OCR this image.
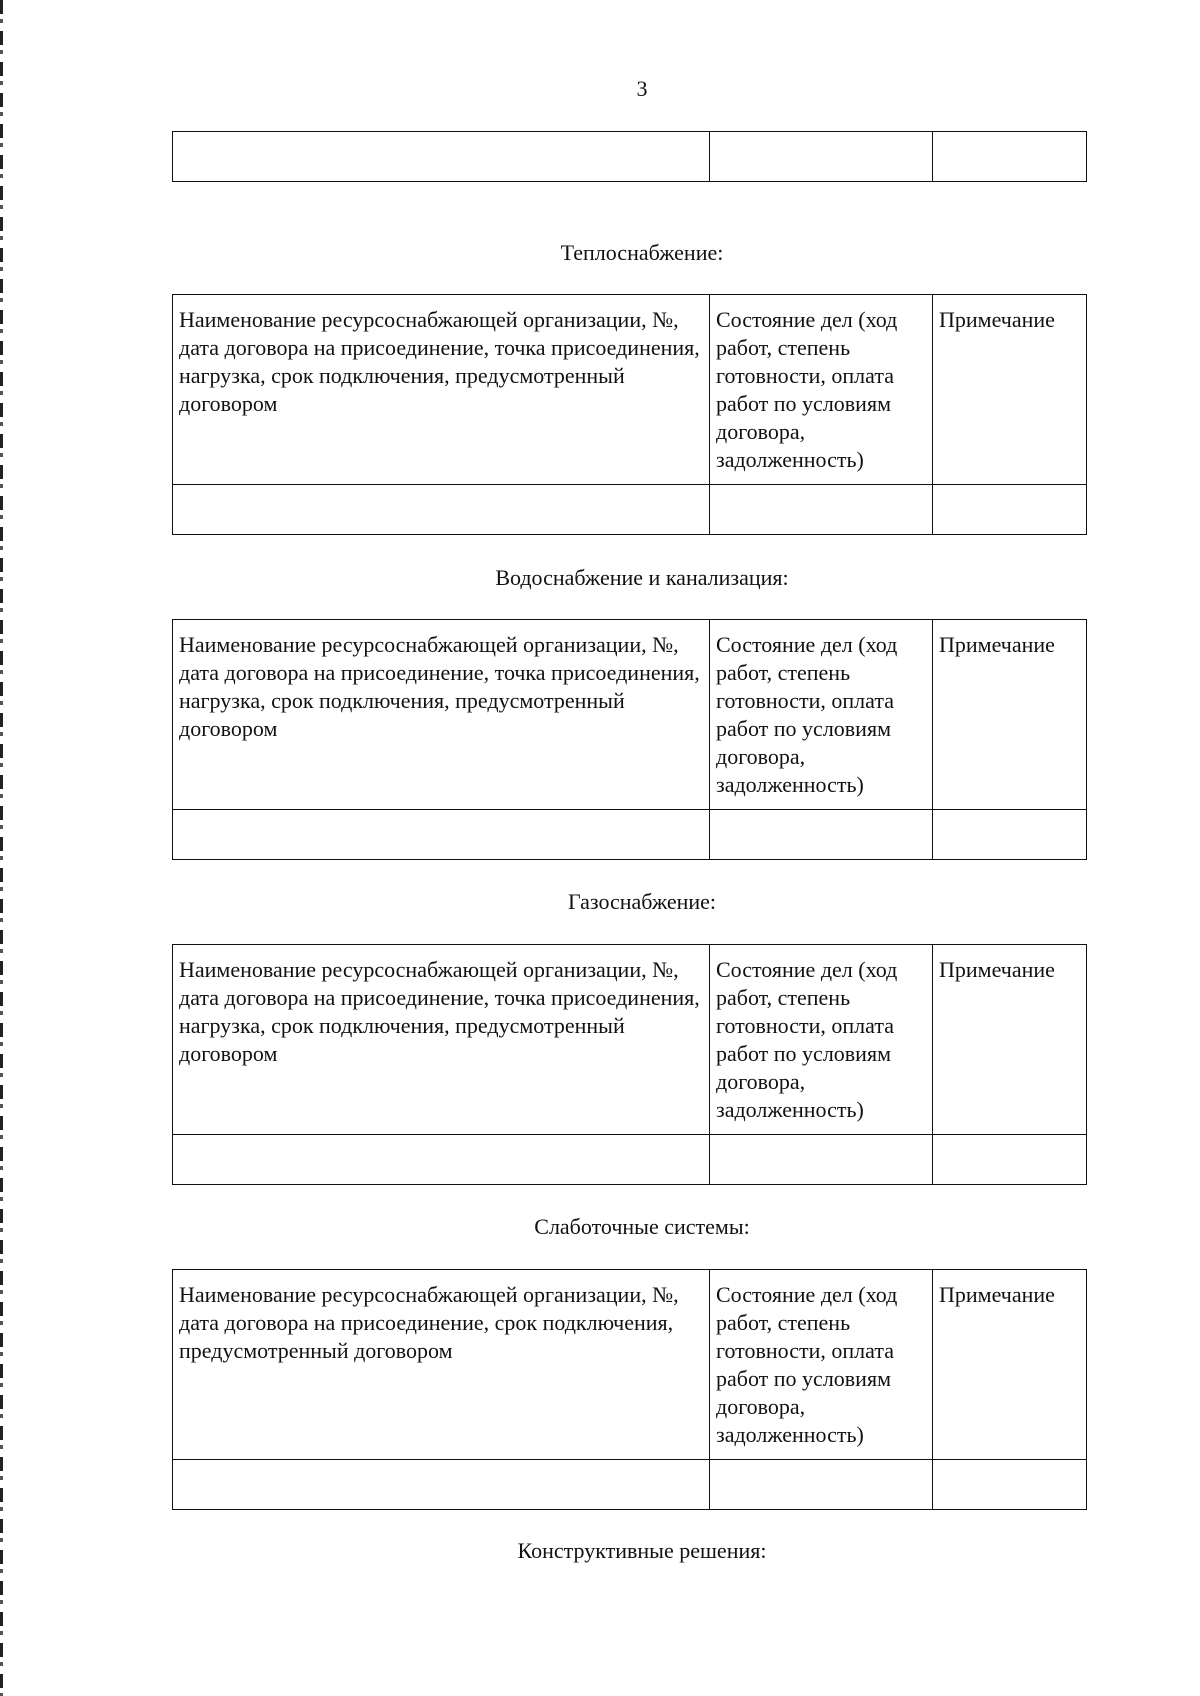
3

Теплоснабжение:
Наименование ресурсоснабжающей организации, №, дата договора на присоединение, точка присоединения, нагрузка, срок подключения, предусмотренный договором	Состояние дел (ход работ, степень готовности, оплата работ по условиям договора, задолженность)	Примечание

Водоснабжение и канализация:
Наименование ресурсоснабжающей организации, №, дата договора на присоединение, точка присоединения, нагрузка, срок подключения, предусмотренный договором	Состояние дел (ход работ, степень готовности, оплата работ по условиям договора, задолженность)	Примечание

Газоснабжение:
Наименование ресурсоснабжающей организации, №, дата договора на присоединение, точка присоединения, нагрузка, срок подключения, предусмотренный договором	Состояние дел (ход работ, степень готовности, оплата работ по условиям договора, задолженность)	Примечание

Слаботочные системы:
Наименование ресурсоснабжающей организации, №, дата договора на присоединение, срок подключения, предусмотренный договором	Состояние дел (ход работ, степень готовности, оплата работ по условиям договора, задолженность)	Примечание

Конструктивные решения:
